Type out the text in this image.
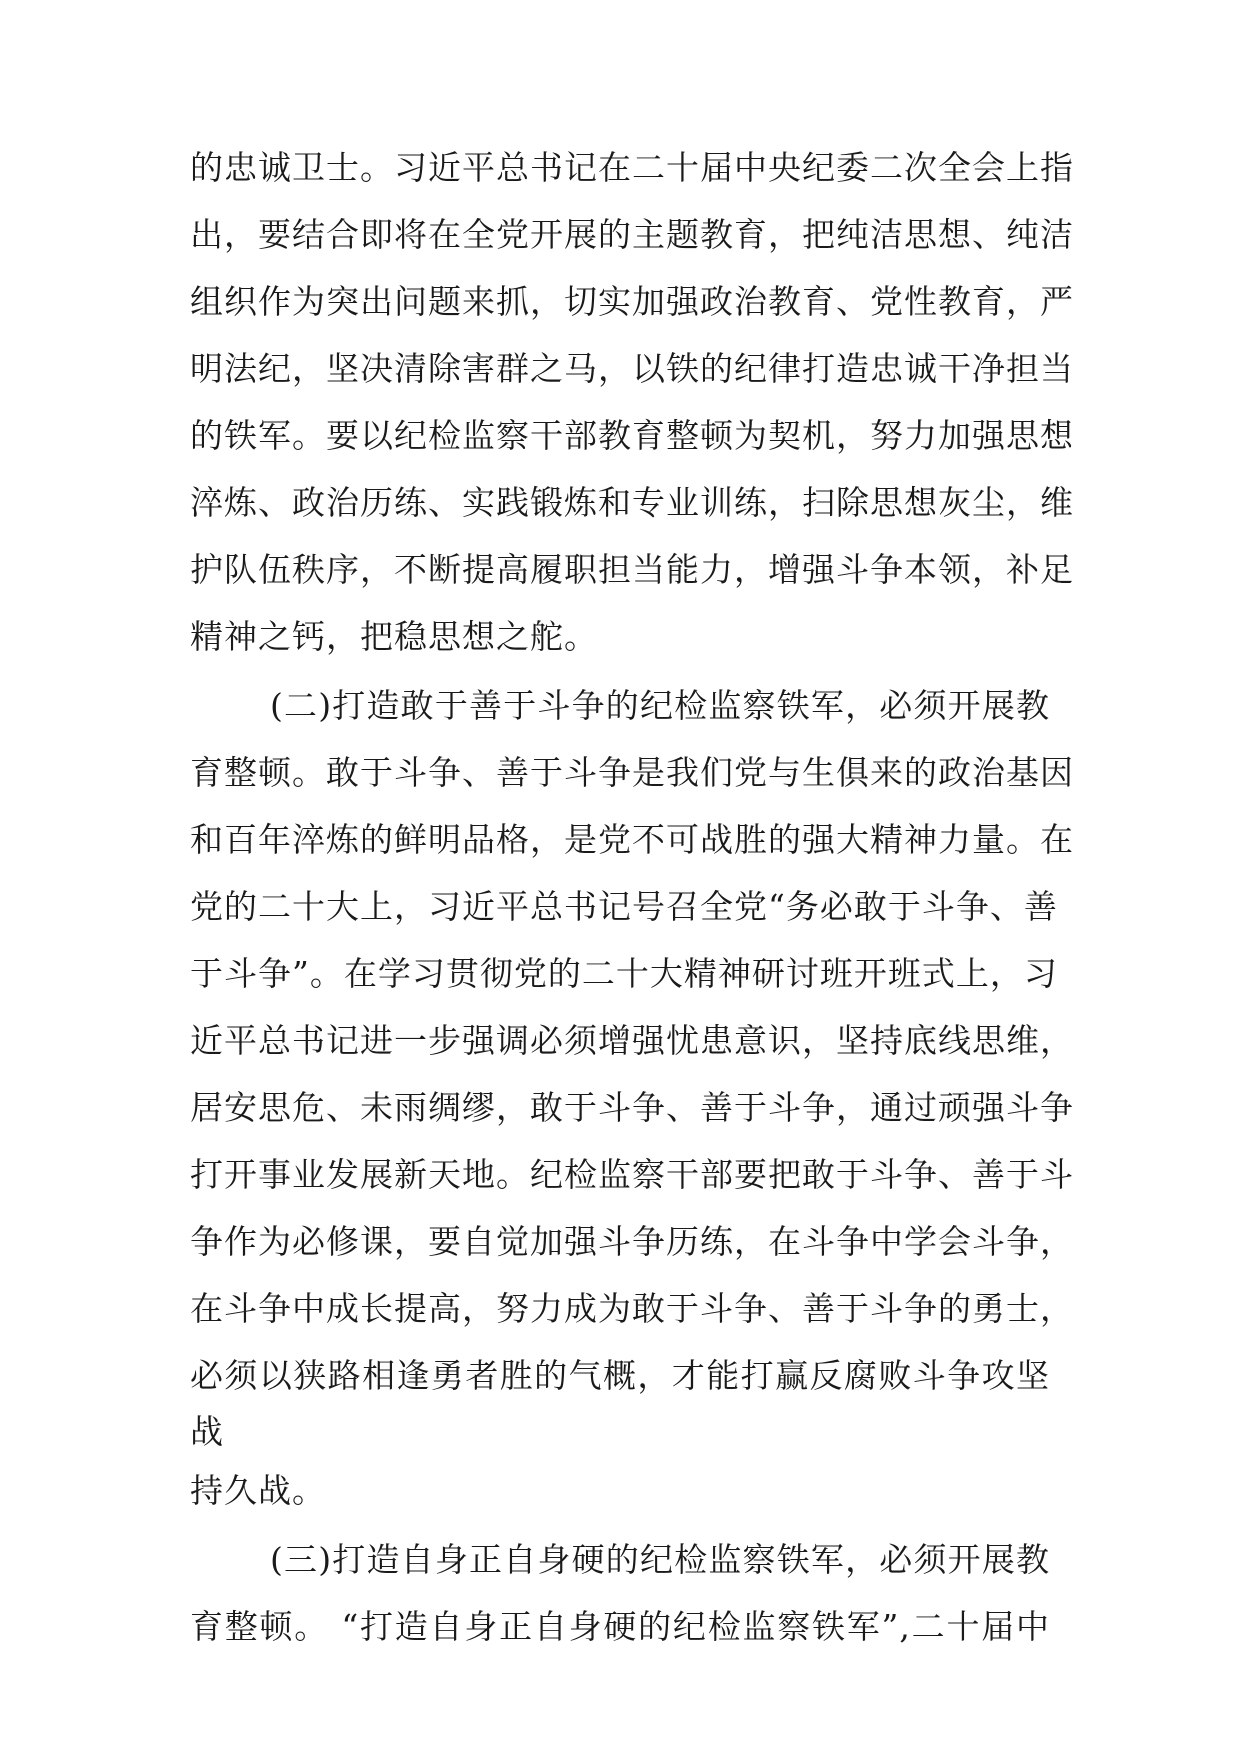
的忠诚卫士。习近平总书记在二十届中央纪委二次全会上指
出，要结合即将在全党开展的主题教育，把纯洁思想、纯洁
组织作为突出问题来抓，切实加强政治教育、党性教育，严
明法纪，坚决清除害群之马，以铁的纪律打造忠诚干净担当
的铁军。要以纪检监察干部教育整顿为契机，努力加强思想
淬炼、政治历练、实践锻炼和专业训练，扫除思想灰尘，维
护队伍秩序，不断提高履职担当能力，增强斗争本领，补足
精神之钙，把稳思想之舵。
(二)打造敢于善于斗争的纪检监察铁军，必须开展教
育整顿。敢于斗争、善于斗争是我们党与生俱来的政治基因
和百年淬炼的鲜明品格，是党不可战胜的强大精神力量。在
党的二十大上，习近平总书记号召全党“务必敢于斗争、善
于斗争”。在学习贯彻党的二十大精神研讨班开班式上，习
近平总书记进一步强调必须增强忧患意识，坚持底线思维，
居安思危、未雨绸缪，敢于斗争、善于斗争，通过顽强斗争
打开事业发展新天地。纪检监察干部要把敢于斗争、善于斗
争作为必修课，要自觉加强斗争历练，在斗争中学会斗争，
在斗争中成长提高，努力成为敢于斗争、善于斗争的勇士，
必须以狭路相逢勇者胜的气概，才能打赢反腐败斗争攻坚
战
持久战。
(三)打造自身正自身硬的纪检监察铁军，必须开展教
育整顿。 “打造自身正自身硬的纪检监察铁军”,二十届中
